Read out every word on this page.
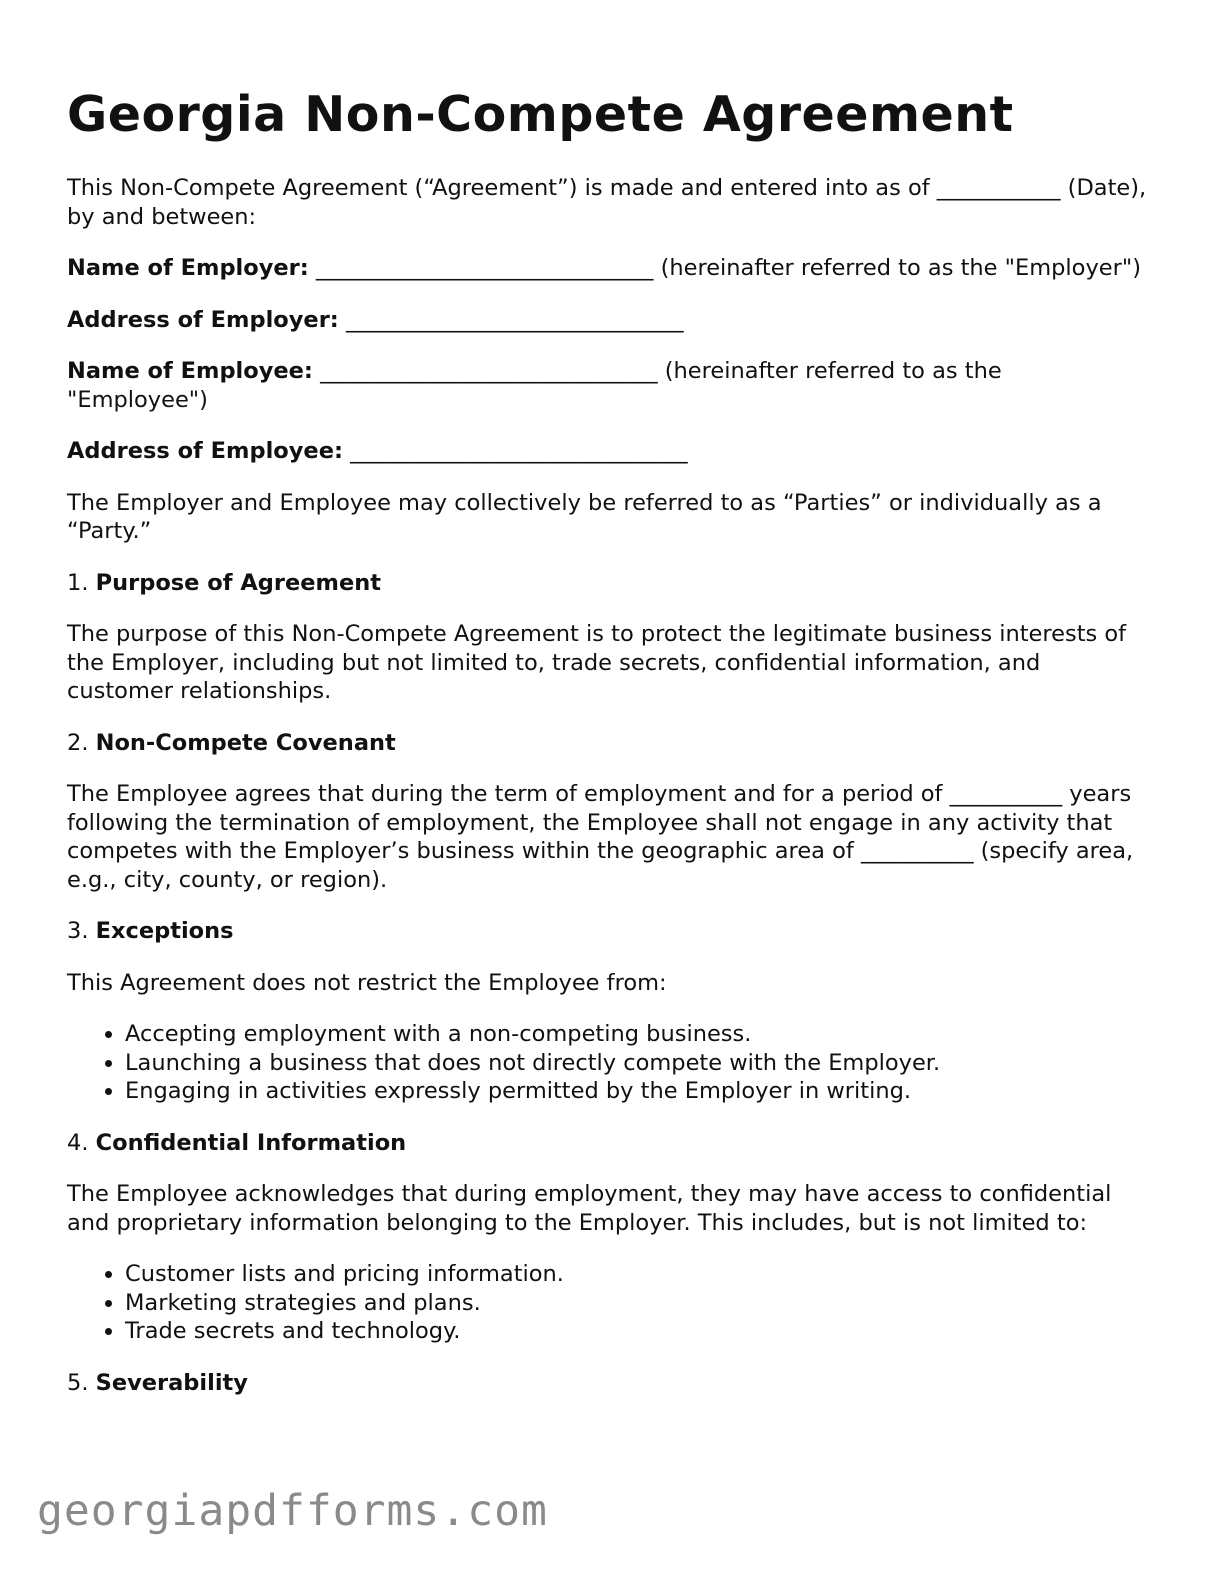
Georgia Non-Compete Agreement

This Non-Compete Agreement (“Agreement”) is made and entered into as of ___________ (Date), by and between:

Name of Employer: ______________________________ (hereinafter referred to as the "Employer")

Address of Employer: ______________________________

Name of Employee: ______________________________ (hereinafter referred to as the "Employee")

Address of Employee: ______________________________

The Employer and Employee may collectively be referred to as “Parties” or individually as a “Party.”

1. Purpose of Agreement

The purpose of this Non-Compete Agreement is to protect the legitimate business interests of the Employer, including but not limited to, trade secrets, confidential information, and customer relationships.

2. Non-Compete Covenant

The Employee agrees that during the term of employment and for a period of __________ years following the termination of employment, the Employee shall not engage in any activity that competes with the Employer’s business within the geographic area of __________ (specify area, e.g., city, county, or region).

3. Exceptions

This Agreement does not restrict the Employee from:

• Accepting employment with a non-competing business.
• Launching a business that does not directly compete with the Employer.
• Engaging in activities expressly permitted by the Employer in writing.
4. Confidential Information

The Employee acknowledges that during employment, they may have access to confidential and proprietary information belonging to the Employer. This includes, but is not limited to:

• Customer lists and pricing information.
• Marketing strategies and plans.
• Trade secrets and technology.
5. Severability
georgiapdfforms.com
